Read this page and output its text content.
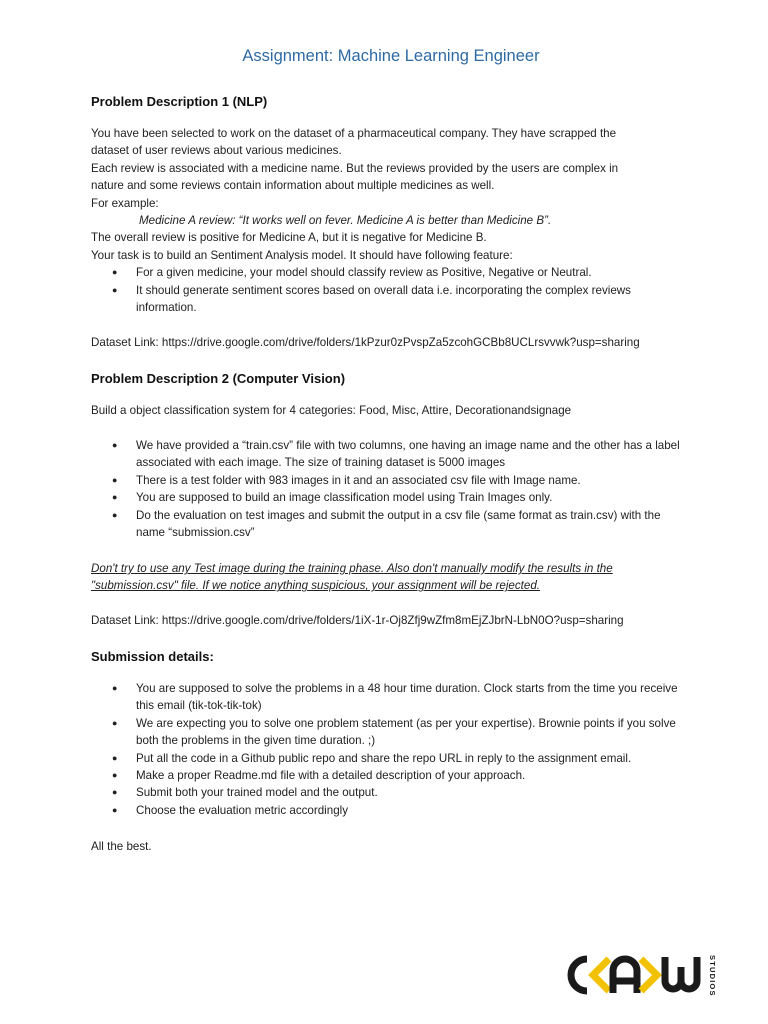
Assignment: Machine Learning Engineer
Problem Description 1 (NLP)
You have been selected to work on the dataset of a pharmaceutical company. They have scrapped the
dataset of user reviews about various medicines.
Each review is associated with a medicine name. But the reviews provided by the users are complex in
nature and some reviews contain information about multiple medicines as well.
For example:
Medicine A review: “It works well on fever. Medicine A is better than Medicine B”.
The overall review is positive for Medicine A, but it is negative for Medicine B.
Your task is to build an Sentiment Analysis model. It should have following feature:
● For a given medicine, your model should classify review as Positive, Negative or Neutral.
● It should generate sentiment scores based on overall data i.e. incorporating the complex reviews information.
Dataset Link: https://drive.google.com/drive/folders/1kPzur0zPvspZa5zcohGCBb8UCLrsvvwk?usp=sharing
Problem Description 2 (Computer Vision)
Build a object classification system for 4 categories: Food, Misc, Attire, Decorationandsignage
● We have provided a “train.csv” file with two columns, one having an image name and the other has a label associated with each image. The size of training dataset is 5000 images
● There is a test folder with 983 images in it and an associated csv file with Image name.
● You are supposed to build an image classification model using Train Images only.
● Do the evaluation on test images and submit the output in a csv file (same format as train.csv) with the name “submission.csv”
Don't try to use any Test image during the training phase. Also don't manually modify the results in the
"submission.csv" file. If we notice anything suspicious, your assignment will be rejected.
Dataset Link: https://drive.google.com/drive/folders/1iX-1r-Oj8Zfj9wZfm8mEjZJbrN-LbN0O?usp=sharing
Submission details:
● You are supposed to solve the problems in a 48 hour time duration. Clock starts from the time you receive this email (tik-tok-tik-tok)
● We are expecting you to solve one problem statement (as per your expertise). Brownie points if you solve both the problems in the given time duration. ;)
● Put all the code in a Github public repo and share the repo URL in reply to the assignment email.
● Make a proper Readme.md file with a detailed description of your approach.
● Submit both your trained model and the output.
● Choose the evaluation metric accordingly
All the best.
STUDIOS
